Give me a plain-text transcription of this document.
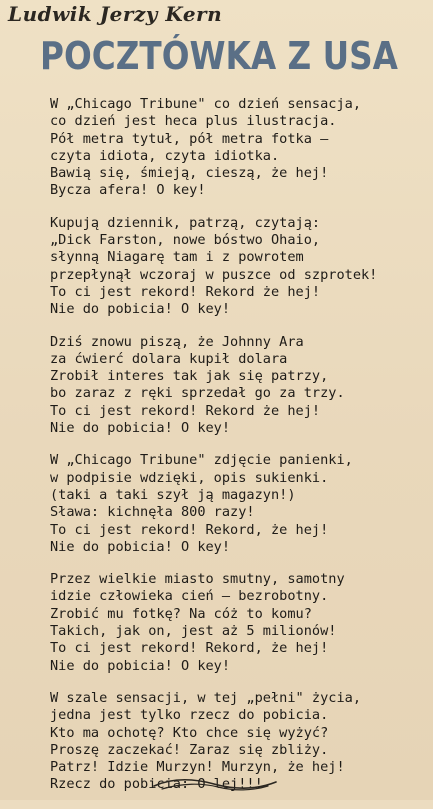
Ludwik Jerzy Kern
POCZTÓWKA Z USA
W „Chicago Tribune" co dzień sensacja,
co dzień jest heca plus ilustracja.
Pół metra tytuł, pół metra fotka —
czyta idiota, czyta idiotka.
Bawią się, śmieją, cieszą, że hej!
Bycza afera! O key!
Kupują dziennik, patrzą, czytają:
„Dick Farston, nowe bóstwo Ohaio,
słynną Niagarę tam i z powrotem
przepłynął wczoraj w puszce od szprotek!
To ci jest rekord! Rekord że hej!
Nie do pobicia! O key!
Dziś znowu piszą, że Johnny Ara
za ćwierć dolara kupił dolara
Zrobił interes tak jak się patrzy,
bo zaraz z ręki sprzedał go za trzy.
To ci jest rekord! Rekord że hej!
Nie do pobicia! O key!
W „Chicago Tribune" zdjęcie panienki,
w podpisie wdzięki, opis sukienki.
(taki a taki szył ją magazyn!)
Sława: kichnęła 800 razy!
To ci jest rekord! Rekord, że hej!
Nie do pobicia! O key!
Przez wielkie miasto smutny, samotny
idzie człowieka cień — bezrobotny.
Zrobić mu fotkę? Na cóż to komu?
Takich, jak on, jest aż 5 milionów!
To ci jest rekord! Rekord, że hej!
Nie do pobicia! O key!
W szale sensacji, w tej „pełni" życia,
jedna jest tylko rzecz do pobicia.
Kto ma ochotę? Kto chce się wyżyć?
Proszę zaczekać! Zaraz się zbliży.
Patrz! Idzie Murzyn! Murzyn, że hej!
Rzecz do pobicia: O lej!!!
